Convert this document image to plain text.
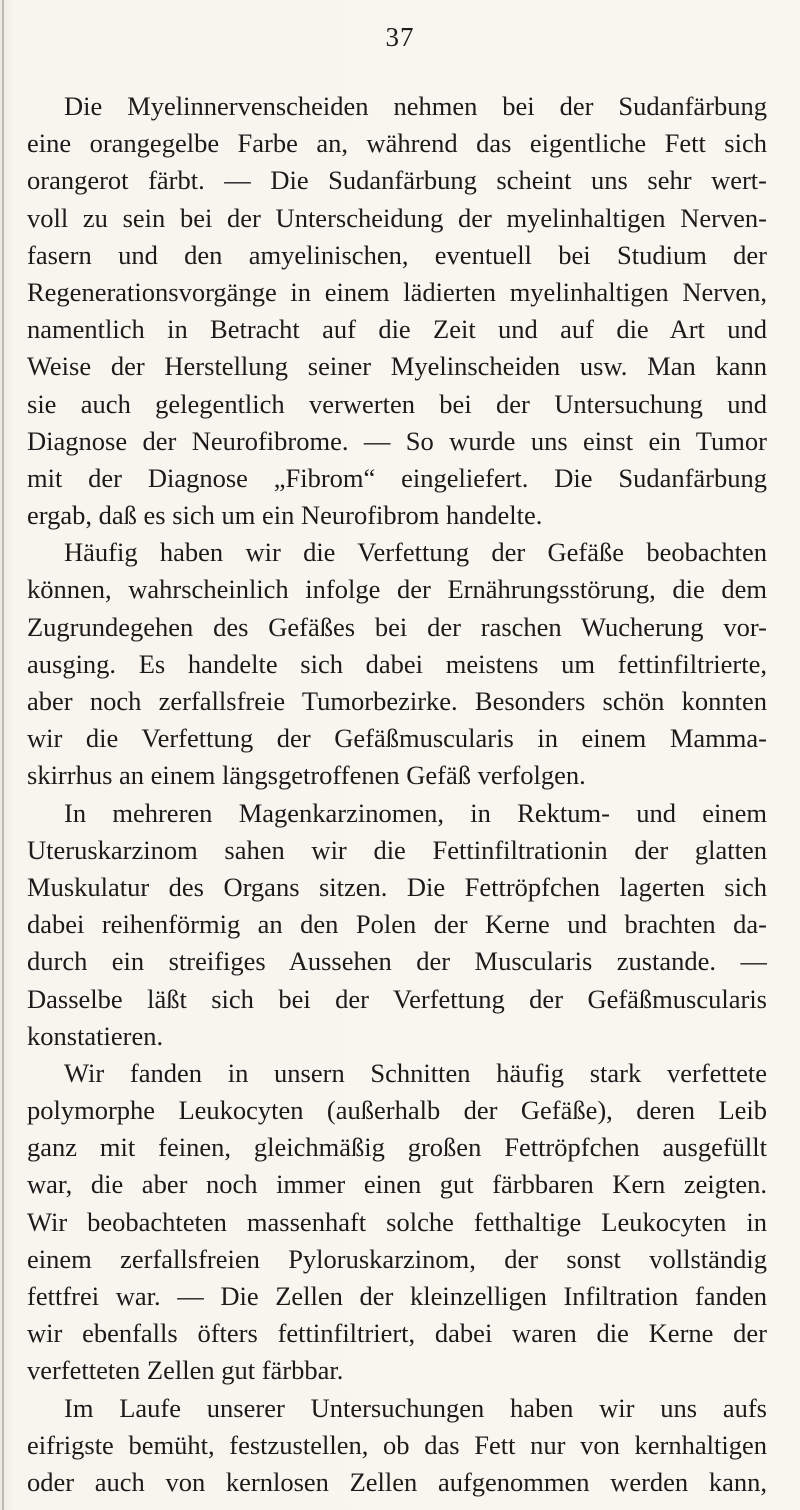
37
Die Myelinnervenscheiden nehmen bei der Sudanfärbung
eine orangegelbe Farbe an, während das eigentliche Fett sich
orangerot färbt. — Die Sudanfärbung scheint uns sehr wert-
voll zu sein bei der Unterscheidung der myelinhaltigen Nerven-
fasern und den amyelinischen, eventuell bei Studium der
Regenerationsvorgänge in einem lädierten myelinhaltigen Nerven,
namentlich in Betracht auf die Zeit und auf die Art und
Weise der Herstellung seiner Myelinscheiden usw. Man kann
sie auch gelegentlich verwerten bei der Untersuchung und
Diagnose der Neurofibrome. — So wurde uns einst ein Tumor
mit der Diagnose „Fibrom“ eingeliefert. Die Sudanfärbung
ergab, daß es sich um ein Neurofibrom handelte.
Häufig haben wir die Verfettung der Gefäße beobachten
können, wahrscheinlich infolge der Ernährungsstörung, die dem
Zugrundegehen des Gefäßes bei der raschen Wucherung vor-
ausging. Es handelte sich dabei meistens um fettinfiltrierte,
aber noch zerfallsfreie Tumorbezirke. Besonders schön konnten
wir die Verfettung der Gefäßmuscularis in einem Mamma-
skirrhus an einem längsgetroffenen Gefäß verfolgen.
In mehreren Magenkarzinomen, in Rektum- und einem
Uteruskarzinom sahen wir die Fettinfiltrationin der glatten
Muskulatur des Organs sitzen. Die Fettröpfchen lagerten sich
dabei reihenförmig an den Polen der Kerne und brachten da-
durch ein streifiges Aussehen der Muscularis zustande. —
Dasselbe läßt sich bei der Verfettung der Gefäßmuscularis
konstatieren.
Wir fanden in unsern Schnitten häufig stark verfettete
polymorphe Leukocyten (außerhalb der Gefäße), deren Leib
ganz mit feinen, gleichmäßig großen Fettröpfchen ausgefüllt
war, die aber noch immer einen gut färbbaren Kern zeigten.
Wir beobachteten massenhaft solche fetthaltige Leukocyten in
einem zerfallsfreien Pyloruskarzinom, der sonst vollständig
fettfrei war. — Die Zellen der kleinzelligen Infiltration fanden
wir ebenfalls öfters fettinfiltriert, dabei waren die Kerne der
verfetteten Zellen gut färbbar.
Im Laufe unserer Untersuchungen haben wir uns aufs
eifrigste bemüht, festzustellen, ob das Fett nur von kernhaltigen
oder auch von kernlosen Zellen aufgenommen werden kann,
